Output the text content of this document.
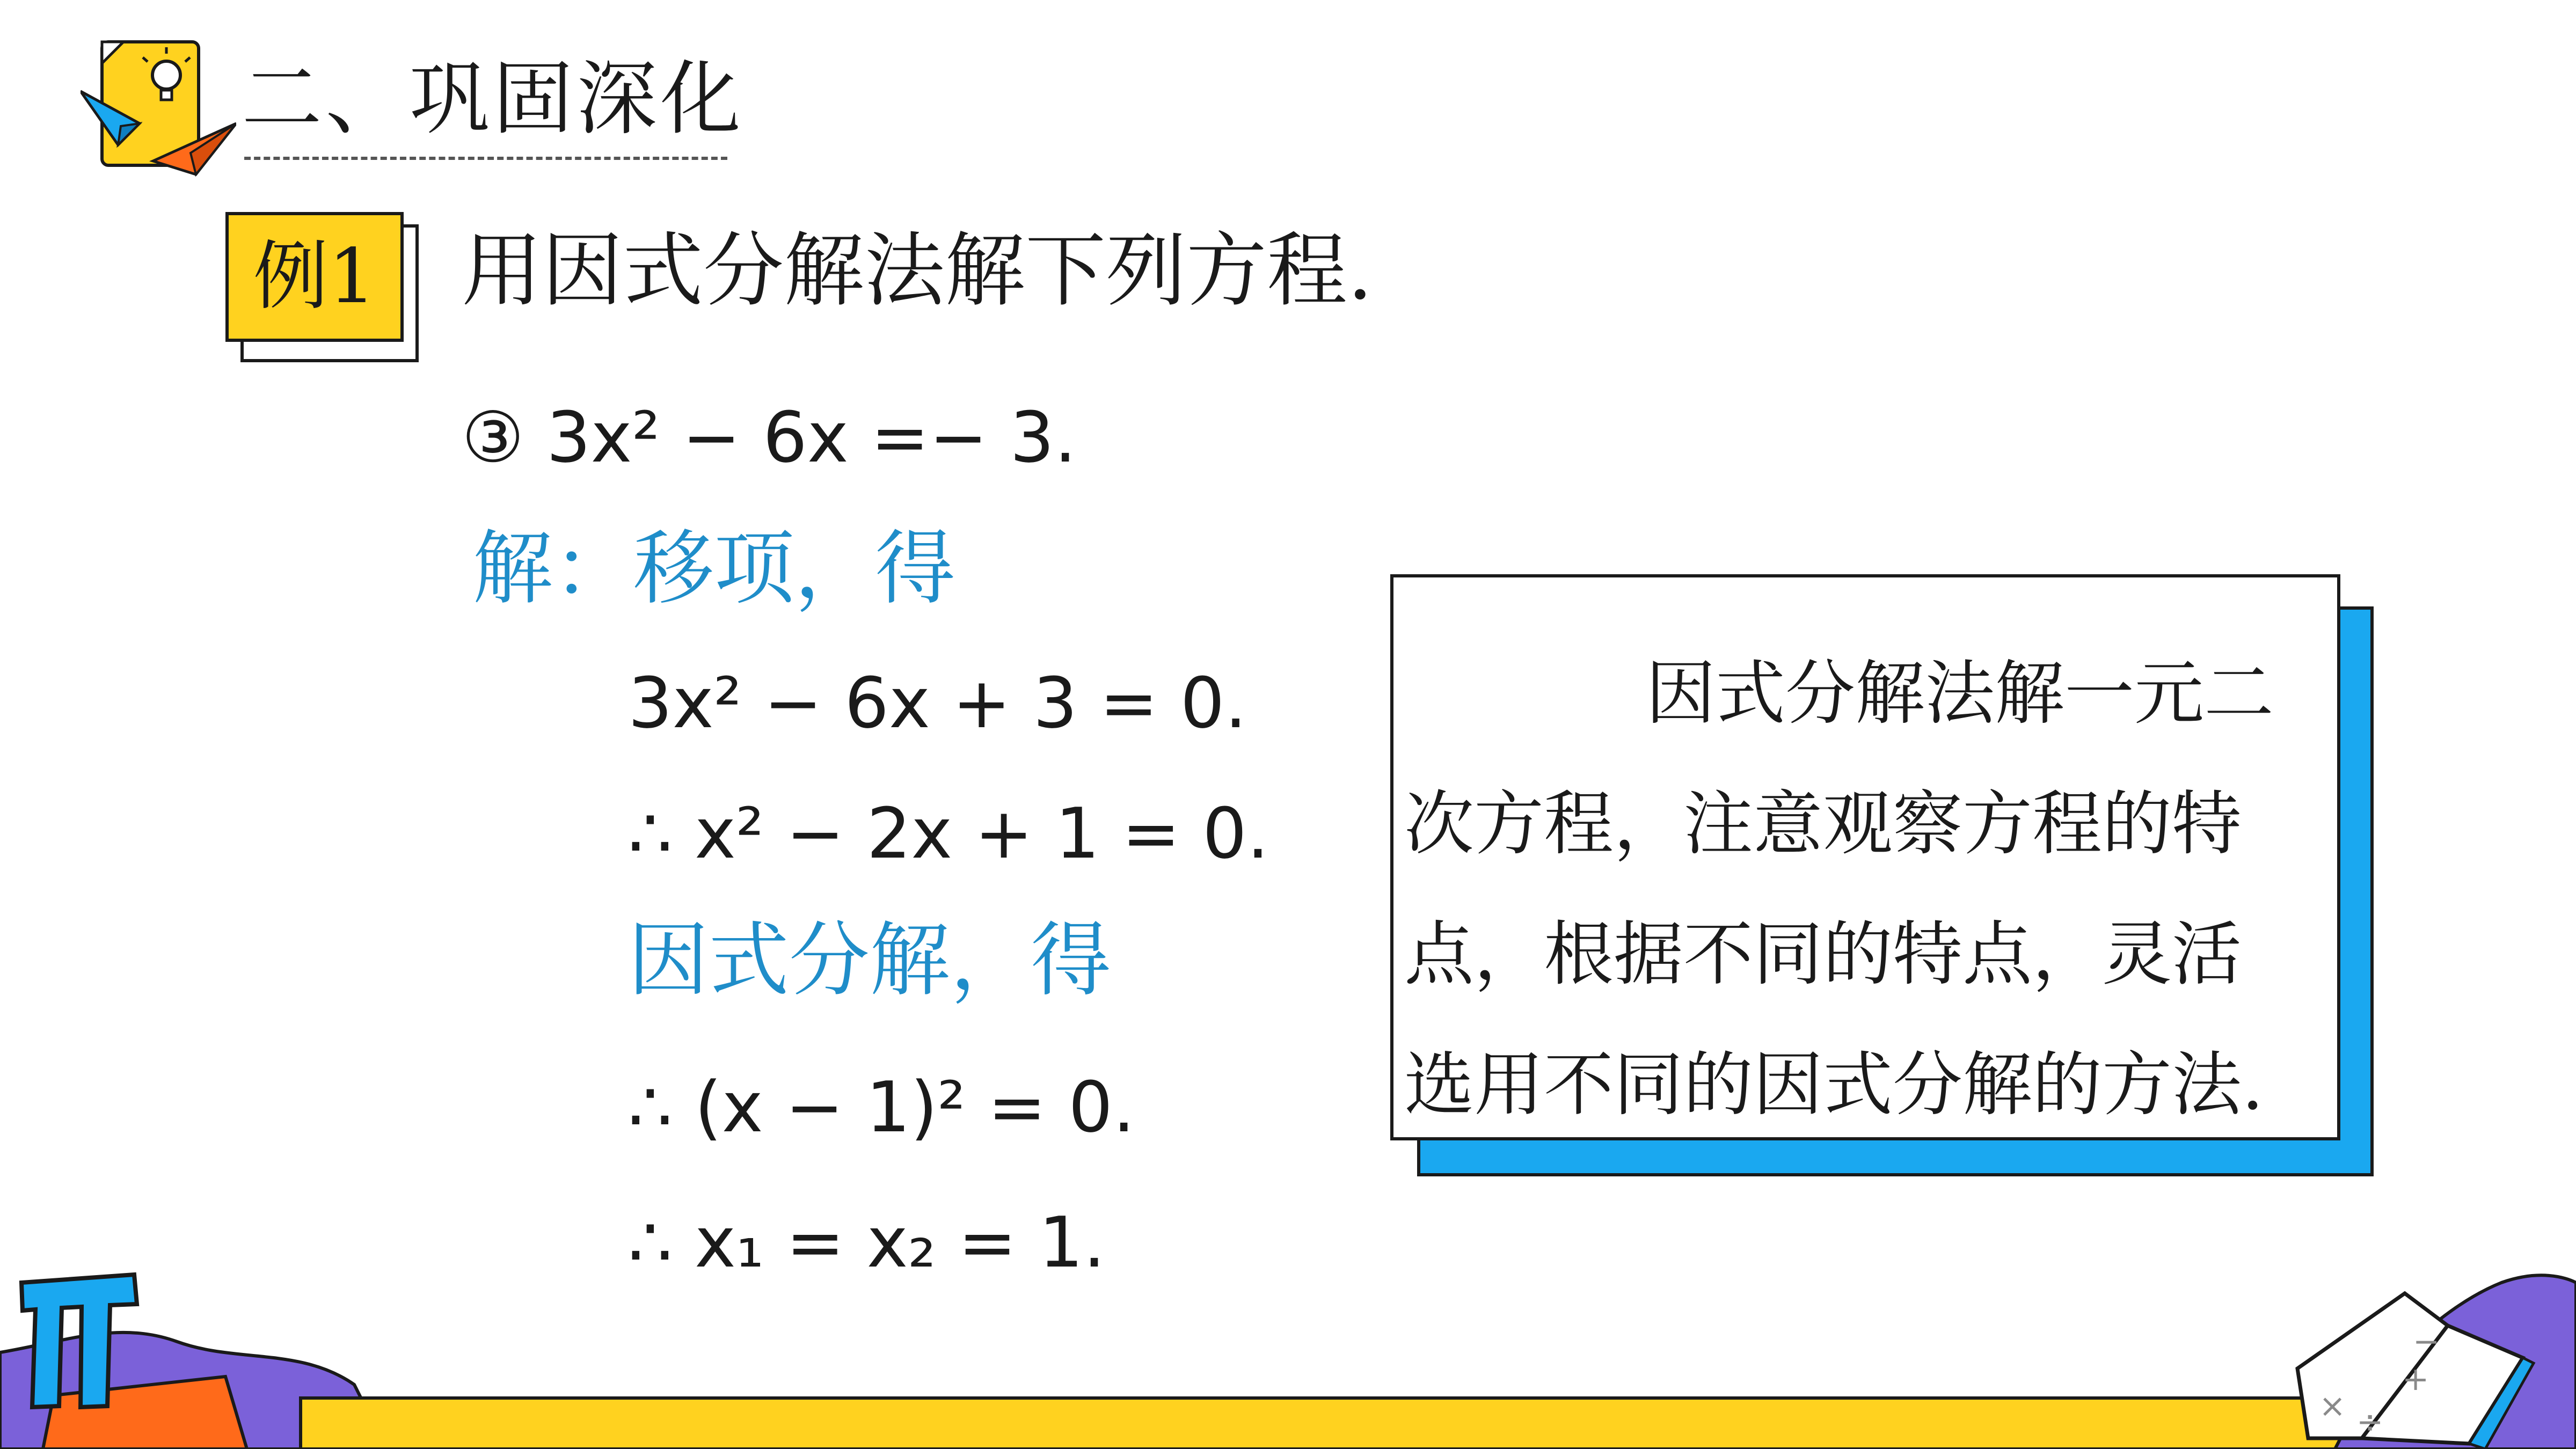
二、巩固深化
例1	用因式分解法解下列方程.
③ 3x² − 6x =− 3.
解：移项，得
3x² − 6x + 3 = 0.
∴ x² − 2x + 1 = 0.
因式分解，得
∴ (x − 1)² = 0.
∴ x₁ = x₂ = 1.
因式分解法解一元二次方程，注意观察方程的特点，根据不同的特点，灵活选用不同的因式分解的方法.
π
× ÷
−
+
